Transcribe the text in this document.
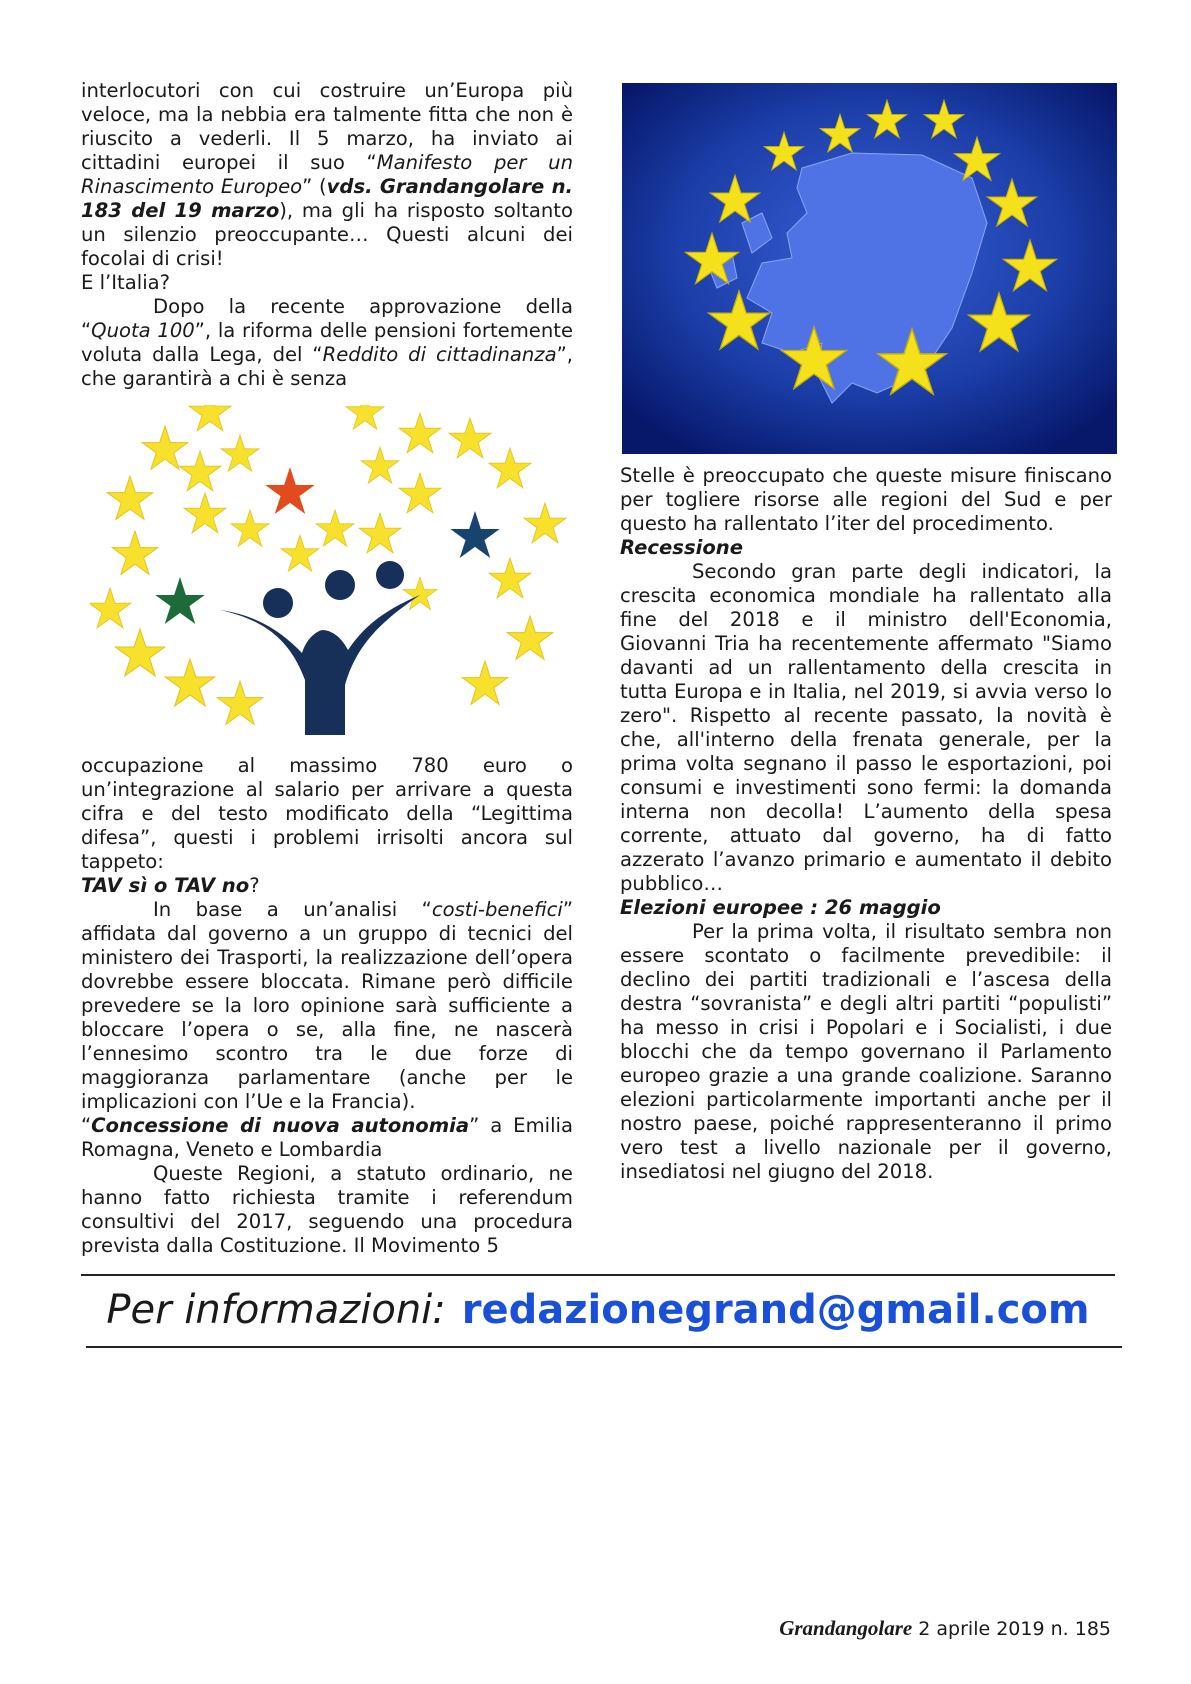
interlocutori con cui costruire un’Europa più veloce, ma la nebbia era talmente fitta che non è riuscito a vederli. Il 5 marzo, ha inviato ai cittadini europei il suo “Manifesto per un Rinascimento Europeo” (vds. Grandangolare n. 183 del 19 marzo), ma gli ha risposto soltanto un silenzio preoccupante… Questi alcuni dei focolai di crisi!

E l’Italia?

Dopo la recente approvazione della “Quota 100”, la riforma delle pensioni fortemente voluta dalla Lega, del “Reddito di cittadinanza”, che garantirà a chi è senza

occupazione al massimo 780 euro o un’integrazione al salario per arrivare a questa cifra e del testo modificato della “Legittima difesa”, questi i problemi irrisolti ancora sul tappeto:

TAV sì o TAV no?

In base a un’analisi “costi-benefici” affidata dal governo a un gruppo di tecnici del ministero dei Trasporti, la realizzazione dell’opera dovrebbe essere bloccata. Rimane però difficile prevedere se la loro opinione sarà sufficiente a bloccare l’opera o se, alla fine, ne nascerà l’ennesimo scontro tra le due forze di maggioranza parlamentare (anche per le implicazioni con l’Ue e la Francia).

“Concessione di nuova autonomia” a Emilia Romagna, Veneto e Lombardia

Queste Regioni, a statuto ordinario, ne hanno fatto richiesta tramite i referendum consultivi del 2017, seguendo una procedura prevista dalla Costituzione. Il Movimento 5

Stelle è preoccupato che queste misure finiscano per togliere risorse alle regioni del Sud e per questo ha rallentato l’iter del procedimento.

Recessione

Secondo gran parte degli indicatori, la crescita economica mondiale ha rallentato alla fine del 2018 e il ministro dell'Economia, Giovanni Tria ha recentemente affermato "Siamo davanti ad un rallentamento della crescita in tutta Europa e in Italia, nel 2019, si avvia verso lo zero". Rispetto al recente passato, la novità è che, all'interno della frenata generale, per la prima volta segnano il passo le esportazioni, poi consumi e investimenti sono fermi: la domanda interna non decolla! L’aumento della spesa corrente, attuato dal governo, ha di fatto azzerato l’avanzo primario e aumentato il debito pubblico…

Elezioni europee : 26 maggio

Per la prima volta, il risultato sembra non essere scontato o facilmente prevedibile: il declino dei partiti tradizionali e l’ascesa della destra “sovranista” e degli altri partiti “populisti” ha messo in crisi i Popolari e i Socialisti, i due blocchi che da tempo governano il Parlamento europeo grazie a una grande coalizione. Saranno elezioni particolarmente importanti anche per il nostro paese, poiché rappresenteranno il primo vero test a livello nazionale per il governo, insediatosi nel giugno del 2018.

Per informazioni: redazionegrand@gmail.com
Grandangolare 2 aprile 2019 n. 185
